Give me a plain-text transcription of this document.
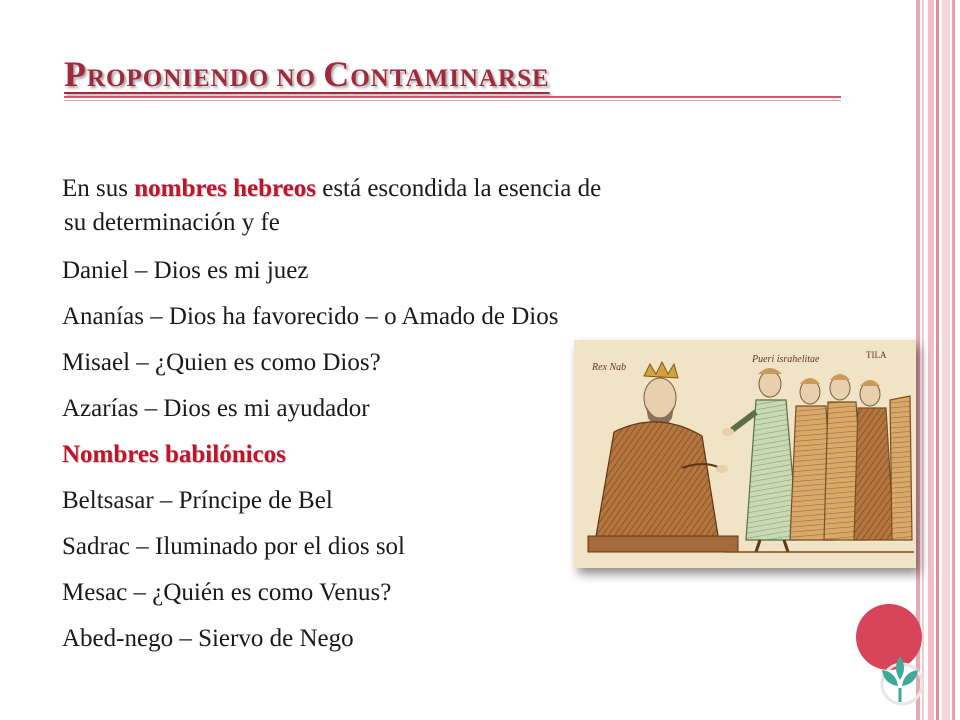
PROPONIENDO NO CONTAMINARSE
En sus nombres hebreos está escondida la esencia de
su determinación y fe
Daniel – Dios es mi juez
Ananías – Dios ha favorecido – o Amado de Dios
Misael – ¿Quien es como Dios?
Azarías – Dios es mi ayudador
Nombres babilónicos
Beltsasar – Príncipe de Bel
Sadrac – Iluminado por el dios sol
Mesac – ¿Quién es como Venus?
Abed-nego – Siervo de Nego
Rex Nab
Pueri israhelitae	TILA
